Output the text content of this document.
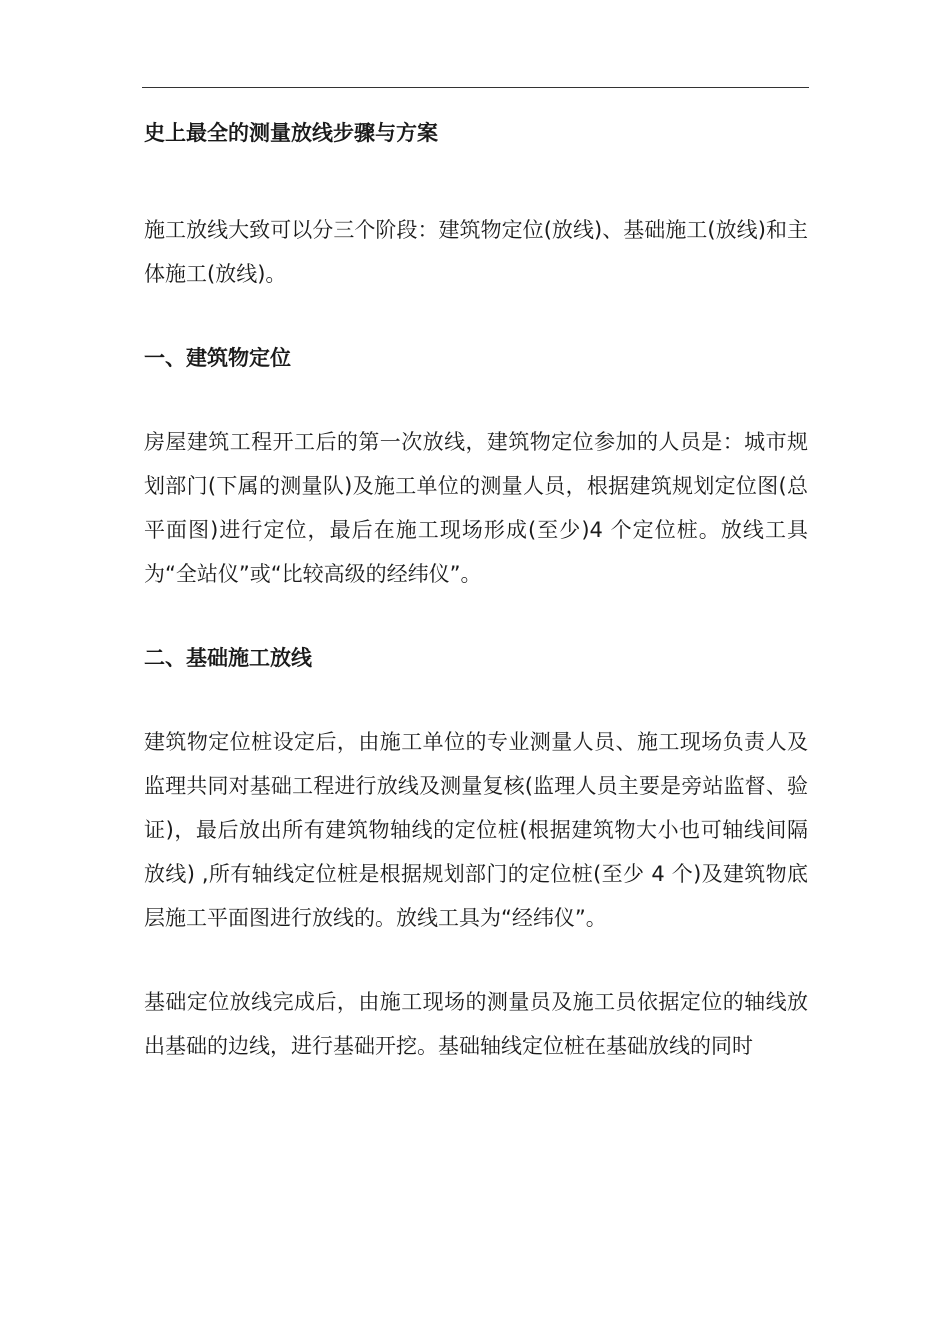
史上最全的测量放线步骤与方案

施工放线大致可以分三个阶段：建筑物定位(放线)、基础施工(放线)和主体施工(放线)。

一、建筑物定位

房屋建筑工程开工后的第一次放线，建筑物定位参加的人员是：城市规划部门(下属的测量队)及施工单位的测量人员，根据建筑规划定位图(总平面图)进行定位，最后在施工现场形成(至少)4 个定位桩。放线工具为“全站仪”或“比较高级的经纬仪”。

二、基础施工放线

建筑物定位桩设定后，由施工单位的专业测量人员、施工现场负责人及监理共同对基础工程进行放线及测量复核(监理人员主要是旁站监督、验证)，最后放出所有建筑物轴线的定位桩(根据建筑物大小也可轴线间隔放线) ,所有轴线定位桩是根据规划部门的定位桩(至少 4 个)及建筑物底层施工平面图进行放线的。放线工具为“经纬仪”。

基础定位放线完成后，由施工现场的测量员及施工员依据定位的轴线放出基础的边线，进行基础开挖。基础轴线定位桩在基础放线的同时
